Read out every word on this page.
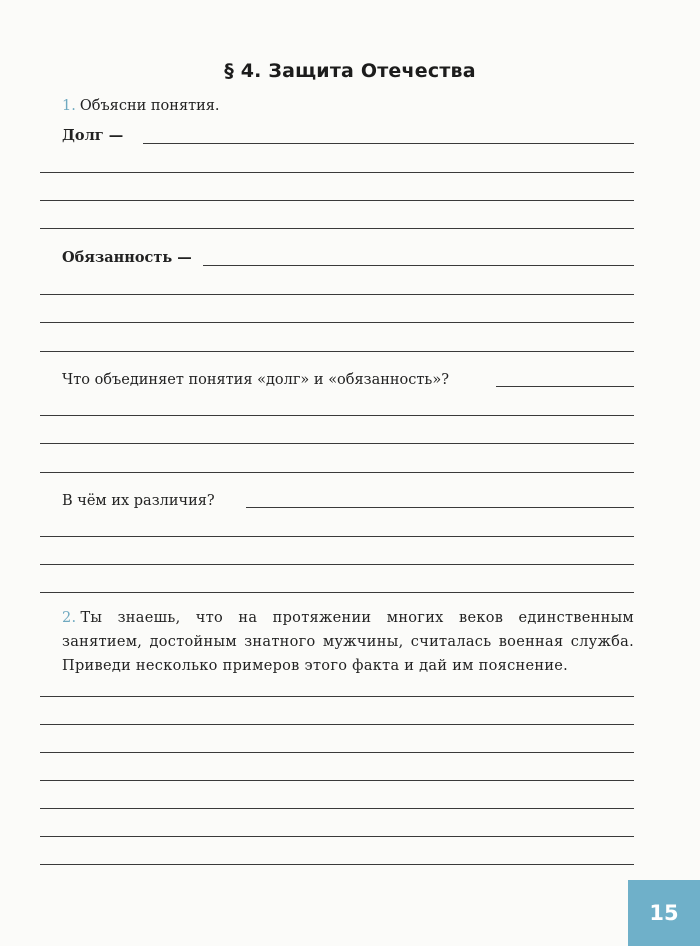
§ 4. Защита Отечества
1. Объясни понятия.
Долг —
Обязанность —
Что объединяет понятия «долг» и «обязанность»?
В чём их различия?
2. Ты знаешь, что на протяжении многих веков единственным занятием, достойным знатного мужчины, считалась военная служба. Приведи несколько примеров этого факта и дай им пояснение.
15
